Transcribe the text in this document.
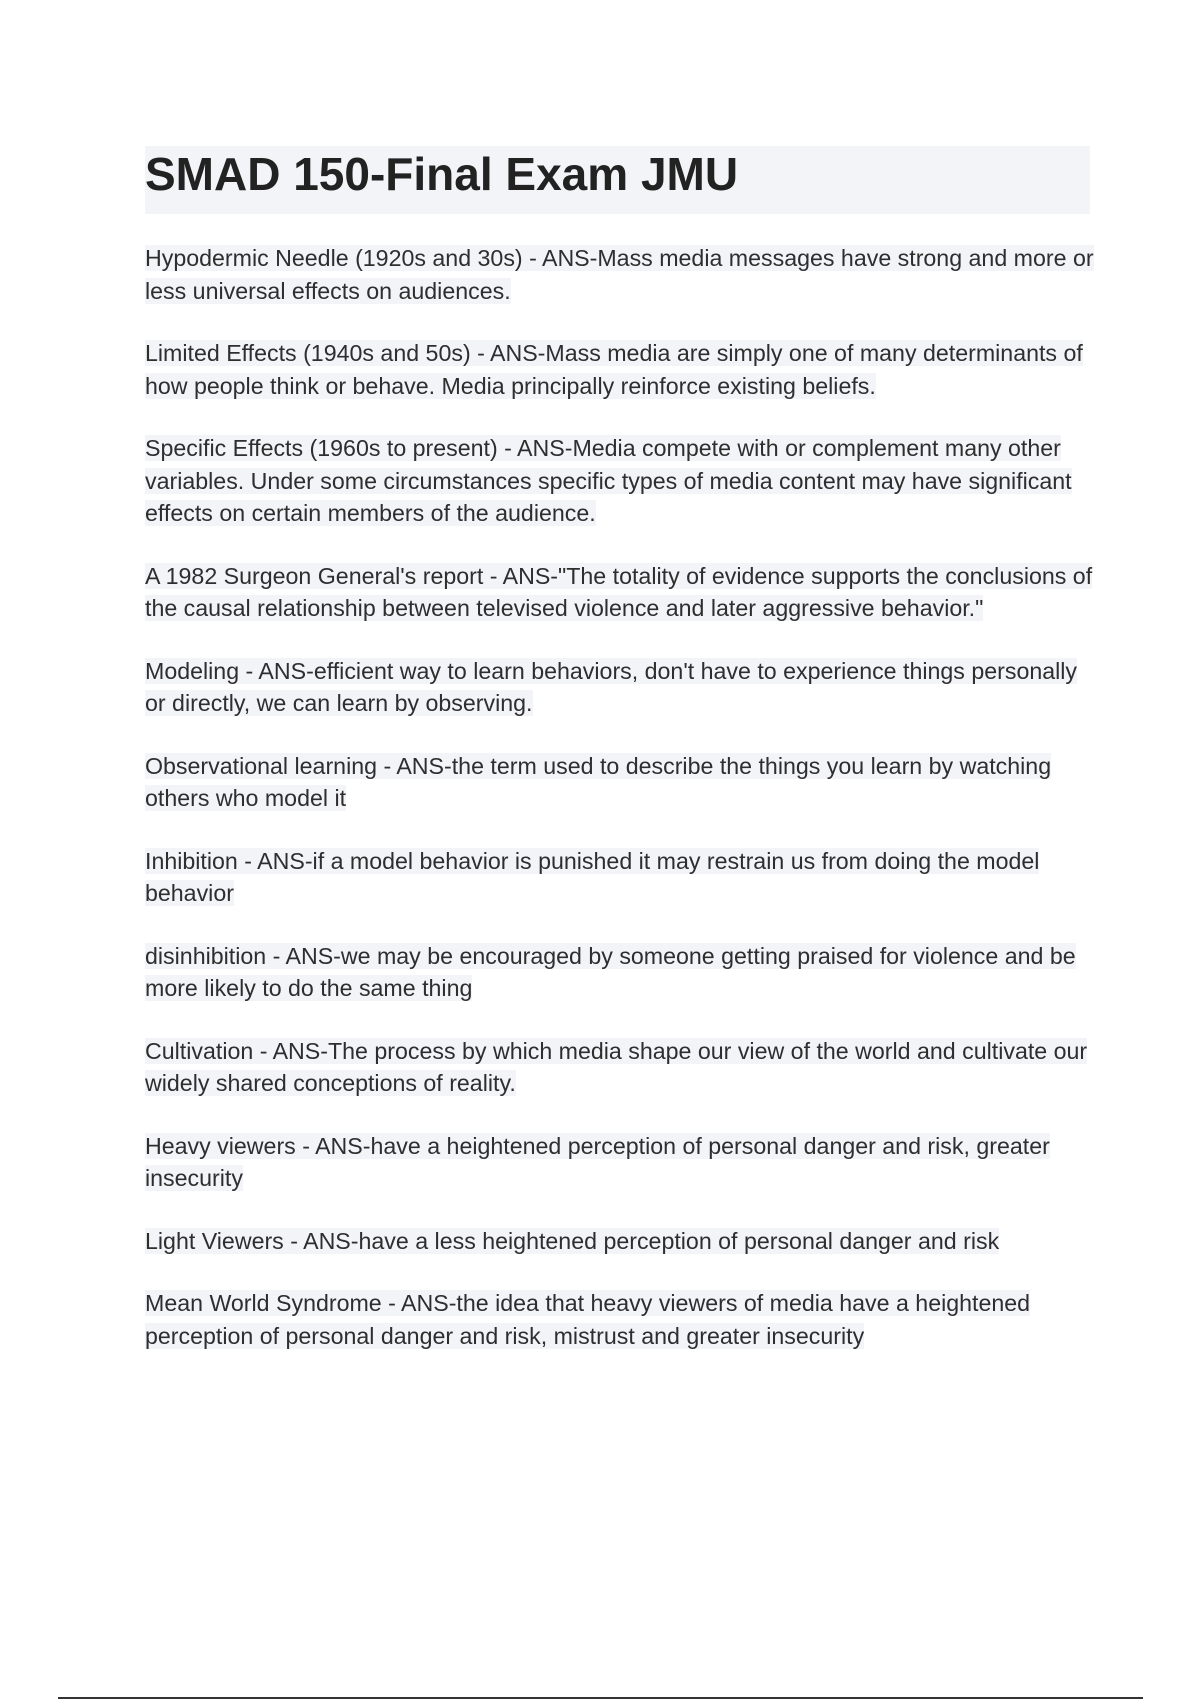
SMAD 150-Final Exam JMU

Hypodermic Needle (1920s and 30s) - ANS-Mass media messages have strong and more or less universal effects on audiences.

Limited Effects (1940s and 50s) - ANS-Mass media are simply one of many determinants of how people think or behave. Media principally reinforce existing beliefs.

Specific Effects (1960s to present) - ANS-Media compete with or complement many other variables. Under some circumstances specific types of media content may have significant effects on certain members of the audience.

A 1982 Surgeon General's report - ANS-"The totality of evidence supports the conclusions of the causal relationship between televised violence and later aggressive behavior."

Modeling - ANS-efficient way to learn behaviors, don't have to experience things personally or directly, we can learn by observing.

Observational learning - ANS-the term used to describe the things you learn by watching others who model it

Inhibition - ANS-if a model behavior is punished it may restrain us from doing the model behavior

disinhibition - ANS-we may be encouraged by someone getting praised for violence and be more likely to do the same thing

Cultivation - ANS-The process by which media shape our view of the world and cultivate our widely shared conceptions of reality.

Heavy viewers - ANS-have a heightened perception of personal danger and risk, greater insecurity

Light Viewers - ANS-have a less heightened perception of personal danger and risk

Mean World Syndrome - ANS-the idea that heavy viewers of media have a heightened perception of personal danger and risk, mistrust and greater insecurity
